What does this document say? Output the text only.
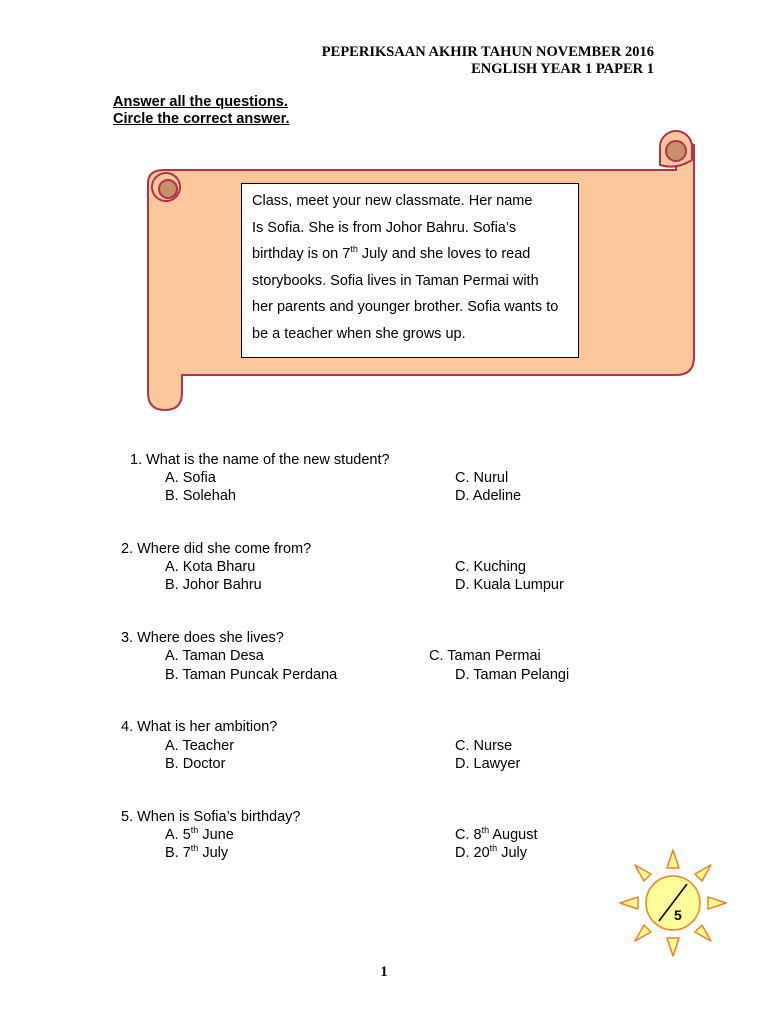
PEPERIKSAAN AKHIR TAHUN NOVEMBER 2016
ENGLISH YEAR 1 PAPER 1
Answer all the questions.
Circle the correct answer.
Class, meet your new classmate. Her name
Is Sofia. She is from Johor Bahru. Sofia’s
birthday is on 7th July and she loves to read
storybooks. Sofia lives in Taman Permai with
her parents and younger brother. Sofia wants to
be a teacher when she grows up.
1. What is the name of the new student?
A. Sofia
B. Solehah
C. Nurul
D. Adeline
2. Where did she come from?
A. Kota Bharu
B. Johor Bahru
C. Kuching
D. Kuala Lumpur
3. Where does she lives?
A. Taman Desa
B. Taman Puncak Perdana
C. Taman Permai
D. Taman Pelangi
4. What is her ambition?
A. Teacher
B. Doctor
C. Nurse
D. Lawyer
5. When is Sofia’s birthday?
A. 5th June
B. 7th July
C. 8th August
D. 20th July
5
1
